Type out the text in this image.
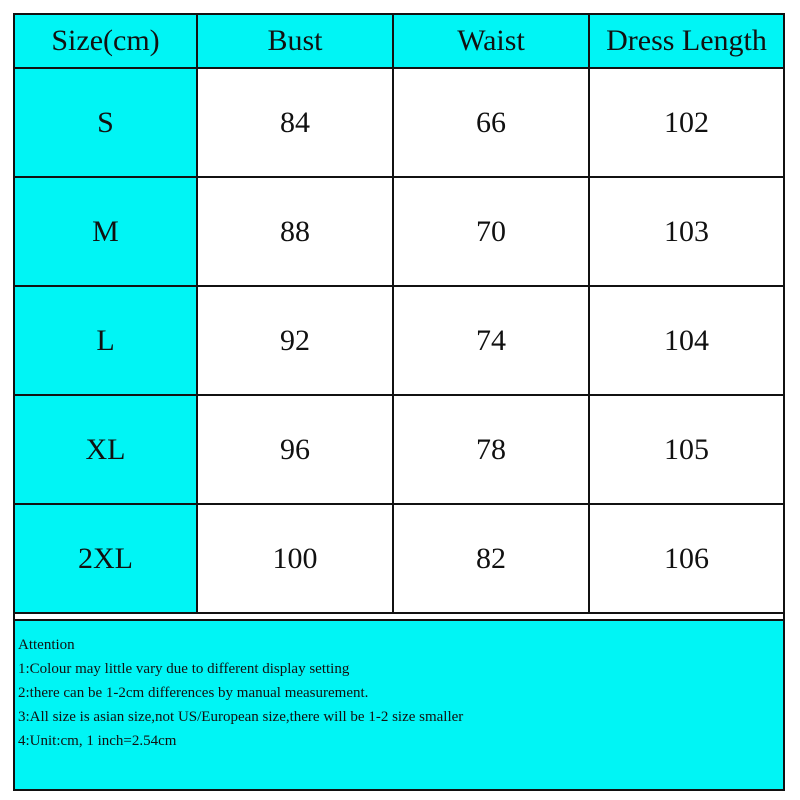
Size(cm)	Bust	Waist	Dress Length
S	84	66	102
M	88	70	103
L	92	74	104
XL	96	78	105
2XL	100	82	106
Attention
1:Colour may little vary due to different display setting
2:there can be 1-2cm differences by manual measurement.
3:All size is asian size,not US/European size,there will be 1-2 size smaller
4:Unit:cm, 1 inch=2.54cm
